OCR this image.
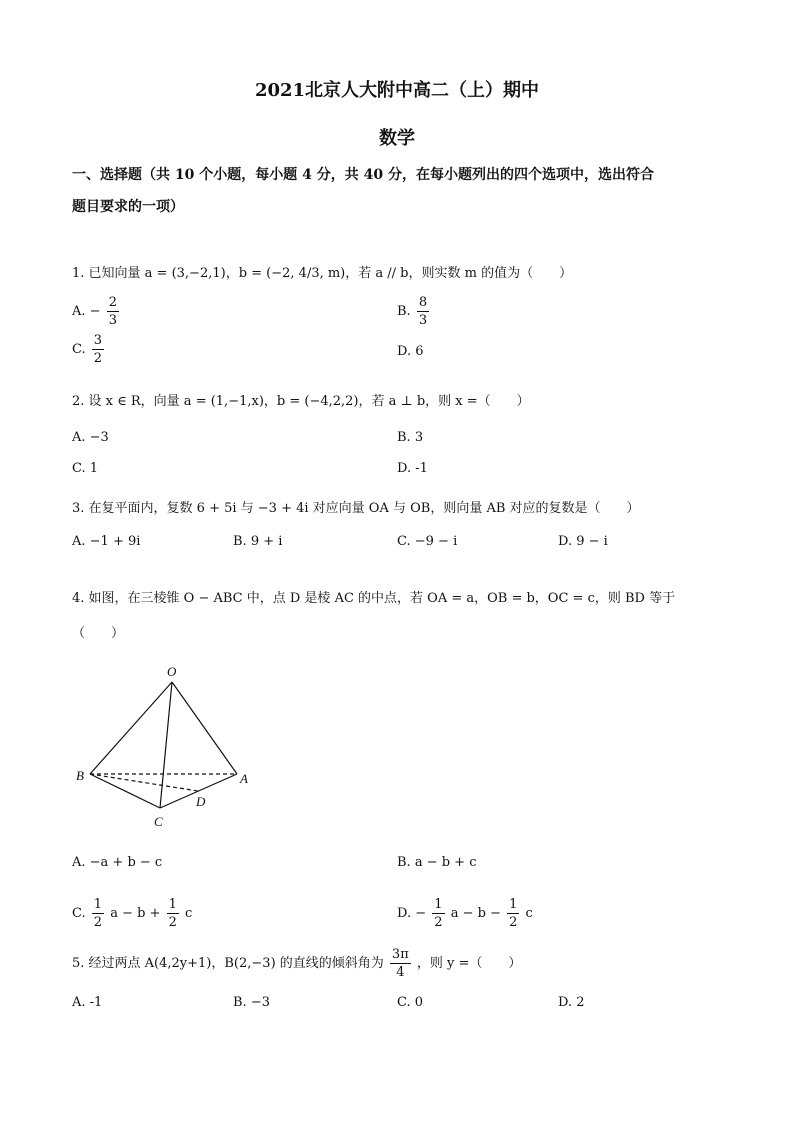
2021北京人大附中高二（上）期中
数学
一、选择题（共 10 个小题，每小题 4 分，共 40 分，在每小题列出的四个选项中，选出符合
题目要求的一项）
1. 已知向量 a = (3,−2,1)，b = (−2, 4/3, m)，若 a // b，则实数 m 的值为（　　）
A. − $\frac{2}{3}$	B. $\frac{8}{3}$
C. $\frac{3}{2}$	D. 6
2. 设 x ∈ R，向量 a = (1,−1,x)，b = (−4,2,2)，若 a ⊥ b，则 x =（　　）
A. −3	B. 3
C. 1	D. -1
3. 在复平面内，复数 6 + 5i 与 −3 + 4i 对应向量 OA 与 OB，则向量 AB 对应的复数是（　　）
A. −1 + 9i	B. 9 + i	C. −9 − i	D. 9 − i
4. 如图，在三棱锥 O − ABC 中，点 D 是棱 AC 的中点，若 OA = a，OB = b，OC = c，则 BD 等于
（　　）
O
A
B
C
D
A. −a + b − c	B. a − b + c
C. $\frac{1}{2}$ $a - b + \frac{1}{2}$ c	D. − $\frac{1}{2}$ $a - b - \frac{1}{2}$ c
5. 经过两点 A(4,2y+1)，B(2,−3) 的直线的倾斜角为 $\frac{3\pi}{4}$ ，则 y =（　　）
A. -1	B. −3	C. 0	D. 2
